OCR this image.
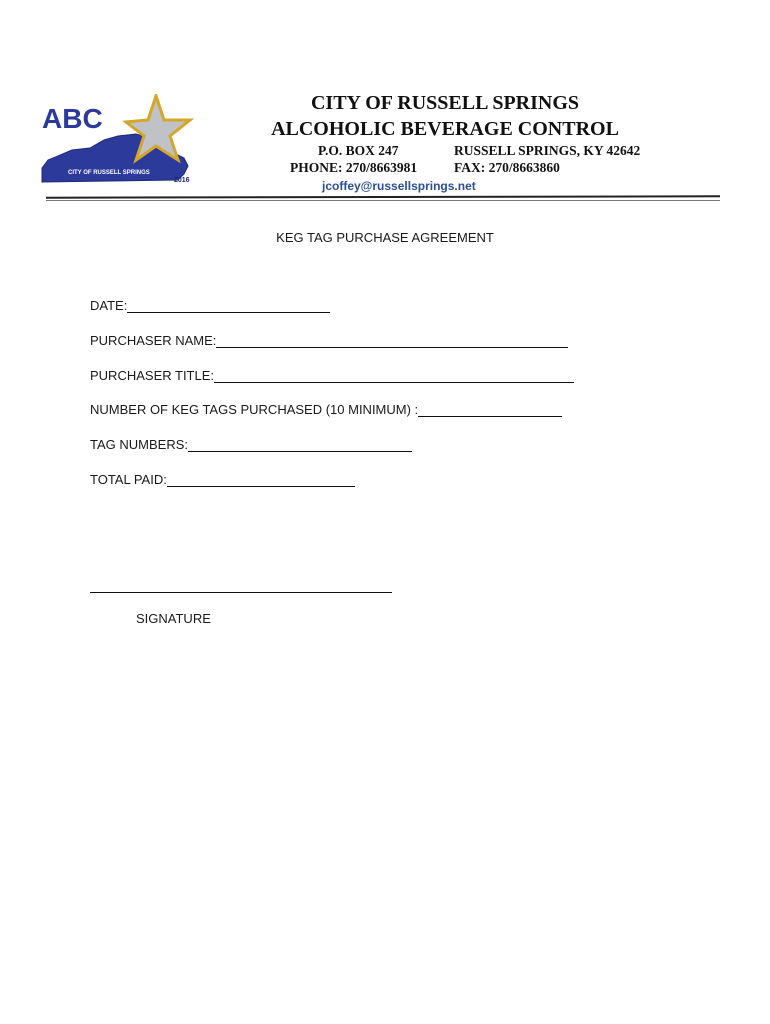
ABC
CITY OF RUSSELL SPRINGS
2016
CITY OF RUSSELL SPRINGS
ALCOHOLIC BEVERAGE CONTROL
P.O. BOX 247	RUSSELL SPRINGS, KY 42642
PHONE: 270/8663981	FAX: 270/8663860
jcoffey@russellsprings.net
KEG TAG PURCHASE AGREEMENT
DATE:
PURCHASER NAME:
PURCHASER TITLE:
NUMBER OF KEG TAGS PURCHASED (10 MINIMUM) :
TAG NUMBERS:
TOTAL PAID:
SIGNATURE
